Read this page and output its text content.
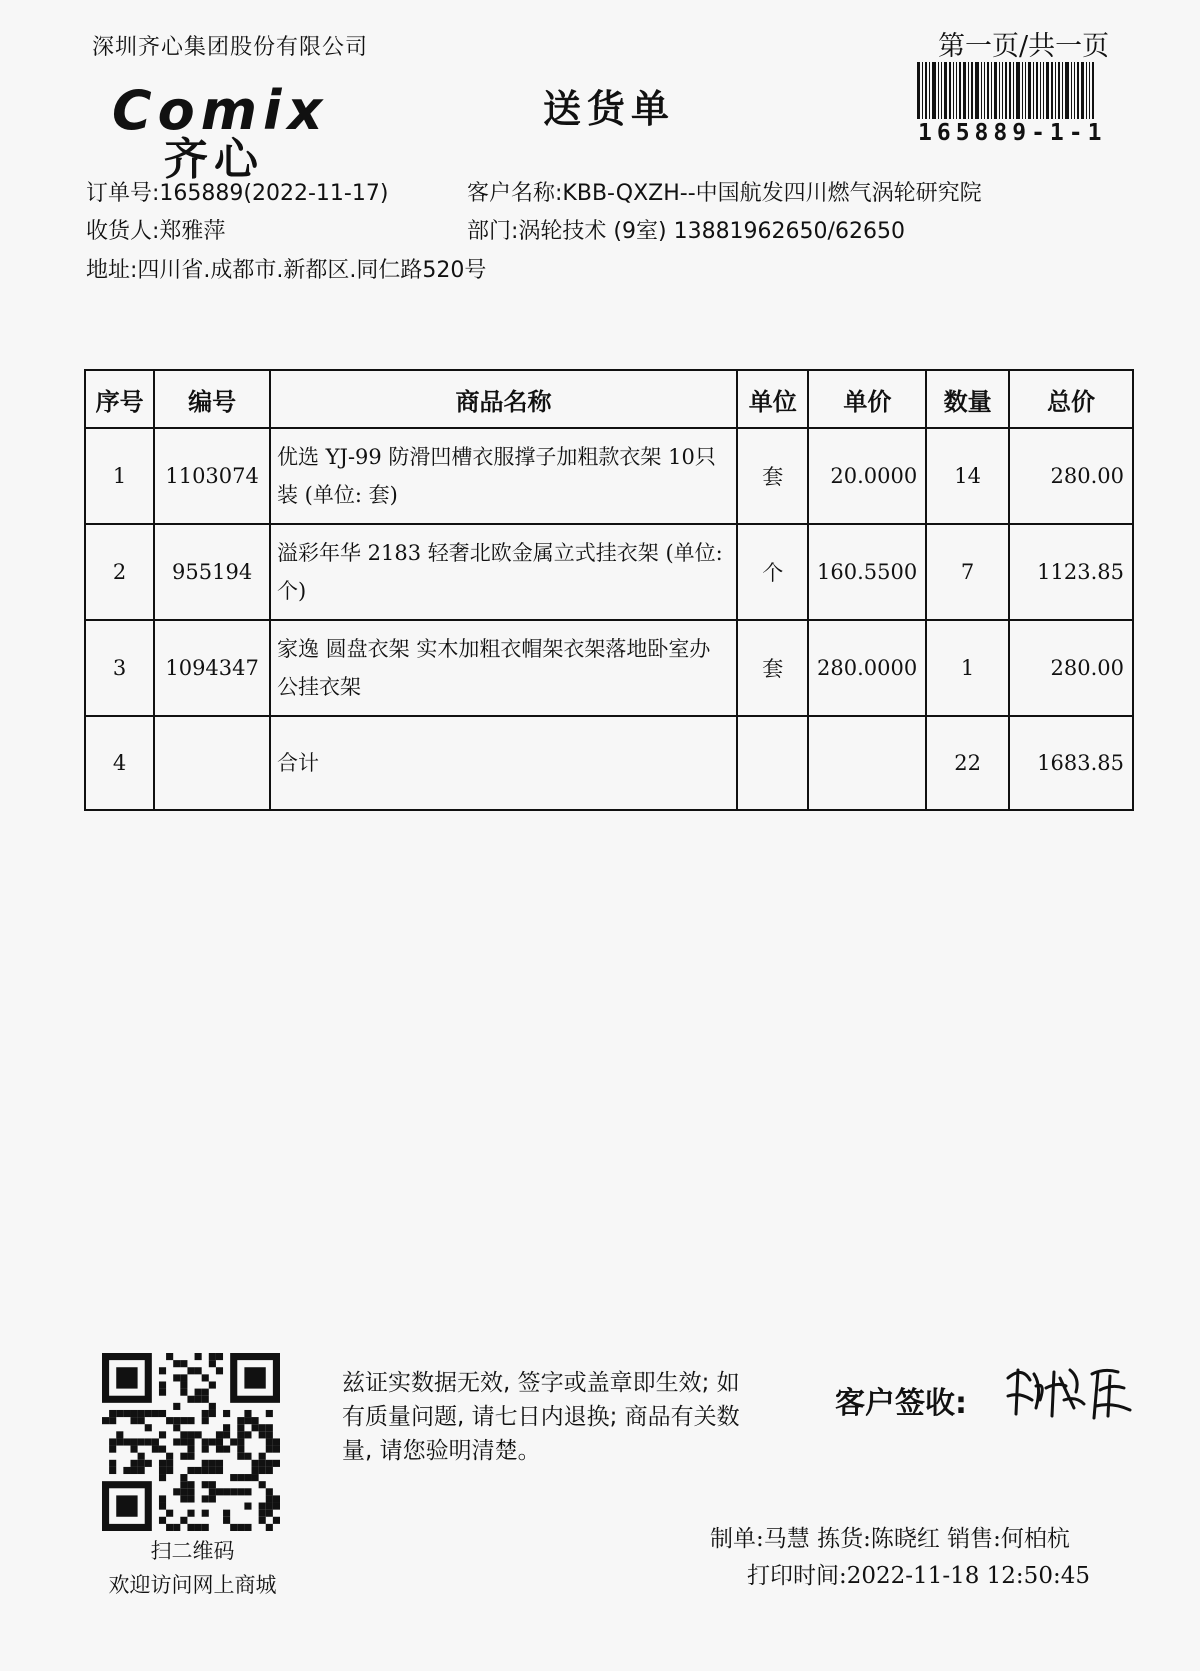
深圳齐心集团股份有限公司	第一页/共一页
165889-1-1
Comix
齐心
送货单
订单号:165889(2022-11-17)	客户名称:KBB-QXZH--中国航发四川燃气涡轮研究院
收货人:郑雅萍	部门:涡轮技术 (9室) 13881962650/62650
地址:四川省.成都市.新都区.同仁路520号
序号	编号	商品名称	单位	单价	数量	总价
1	1103074	优选 YJ-99 防滑凹槽衣服撑子加粗款衣架 10只装 (单位: 套)	套	20.0000	14	280.00
2	955194	溢彩年华 2183 轻奢北欧金属立式挂衣架 (单位: 个)	个	160.5500	7	1123.85
3	1094347	家逸 圆盘衣架 实木加粗衣帽架衣架落地卧室办公挂衣架	套	280.0000	1	280.00
4		合计			22	1683.85
扫二维码
欢迎访问网上商城
兹证实数据无效, 签字或盖章即生效; 如有质量问题, 请七日内退换; 商品有关数量, 请您验明清楚。
客户签收:
制单:马慧 拣货:陈晓红 销售:何柏杭
打印时间:2022-11-18 12:50:45
